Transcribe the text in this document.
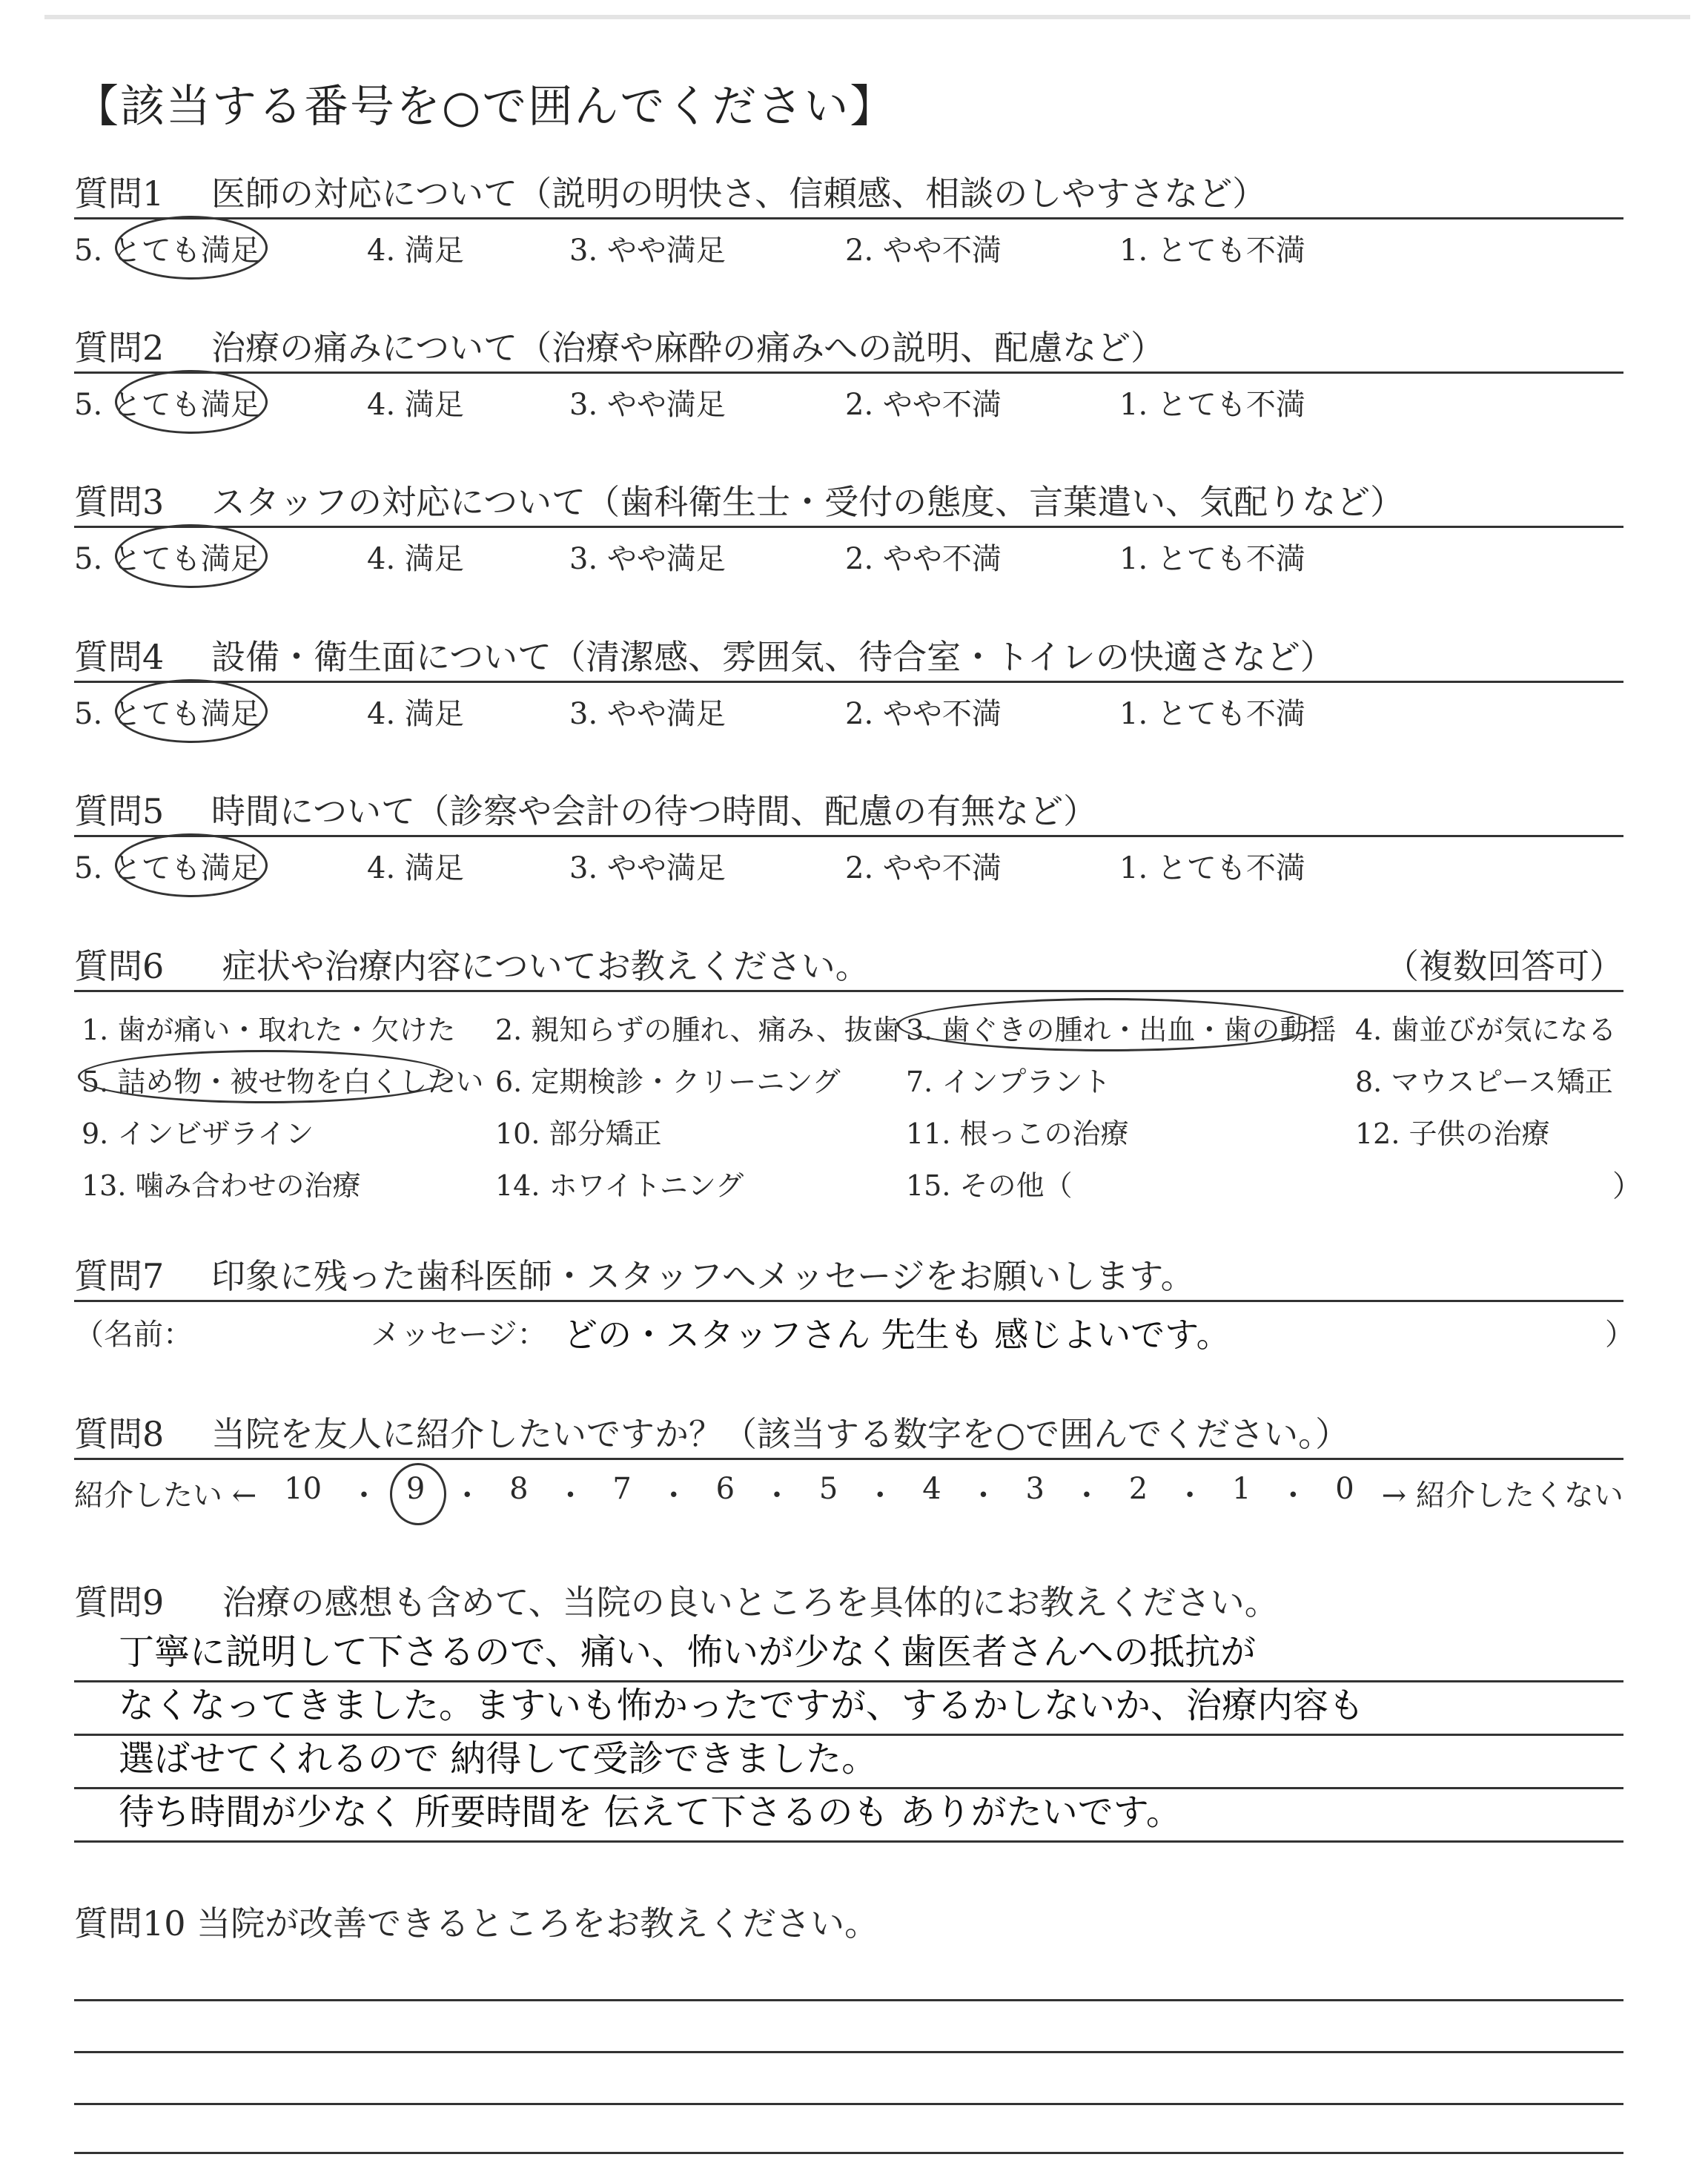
【該当する番号を○で囲んでください】
質問1	医師の対応について（説明の明快さ、信頼感、相談のしやすさなど）
5. とても満足	4. 満足	3. やや満足	2. やや不満	1. とても不満
質問2	治療の痛みについて（治療や麻酔の痛みへの説明、配慮など）
5. とても満足	4. 満足	3. やや満足	2. やや不満	1. とても不満
質問3	スタッフの対応について（歯科衛生士・受付の態度、言葉遣い、気配りなど）
5. とても満足	4. 満足	3. やや満足	2. やや不満	1. とても不満
質問4	設備・衛生面について（清潔感、雰囲気、待合室・トイレの快適さなど）
5. とても満足	4. 満足	3. やや満足	2. やや不満	1. とても不満
質問5	時間について（診察や会計の待つ時間、配慮の有無など）
5. とても満足	4. 満足	3. やや満足	2. やや不満	1. とても不満
質問6 症状や治療内容についてお教えください。	（複数回答可）
1. 歯が痛い・取れた・欠けた 2. 親知らずの腫れ、痛み、抜歯 3. 歯ぐきの腫れ・出血・歯の動揺 4. 歯並びが気になる
5. 詰め物・被せ物を白くしたい 6. 定期検診・クリーニング 7. インプラント	8. マウスピース矯正
9. インビザライン	10. 部分矯正	11. 根っこの治療	12. 子供の治療
13. 噛み合わせの治療	14. ホワイトニング	15. その他（	）
質問7	印象に残った歯科医師・スタッフへメッセージをお願いします。
（名前：	メッセージ： どの・スタッフさん 先生も 感じよいです。	）
質問8	当院を友人に紹介したいですか？（該当する数字を○で囲んでください。）
紹介したい ← 10 ・ 9 ・ 8 ・ 7 ・ 6 ・ 5 ・ 4 ・ 3 ・ 2 ・ 1 ・ 0 → 紹介したくない
質問9 治療の感想も含めて、当院の良いところを具体的にお教えください。
丁寧に説明して下さるので、痛い、怖いが少なく歯医者さんへの抵抗が
なくなってきました。ますいも怖かったですが、するかしないか、治療内容も
選ばせてくれるので 納得して受診できました。
待ち時間が少なく 所要時間を 伝えて下さるのも ありがたいです。
質問10 当院が改善できるところをお教えください。
